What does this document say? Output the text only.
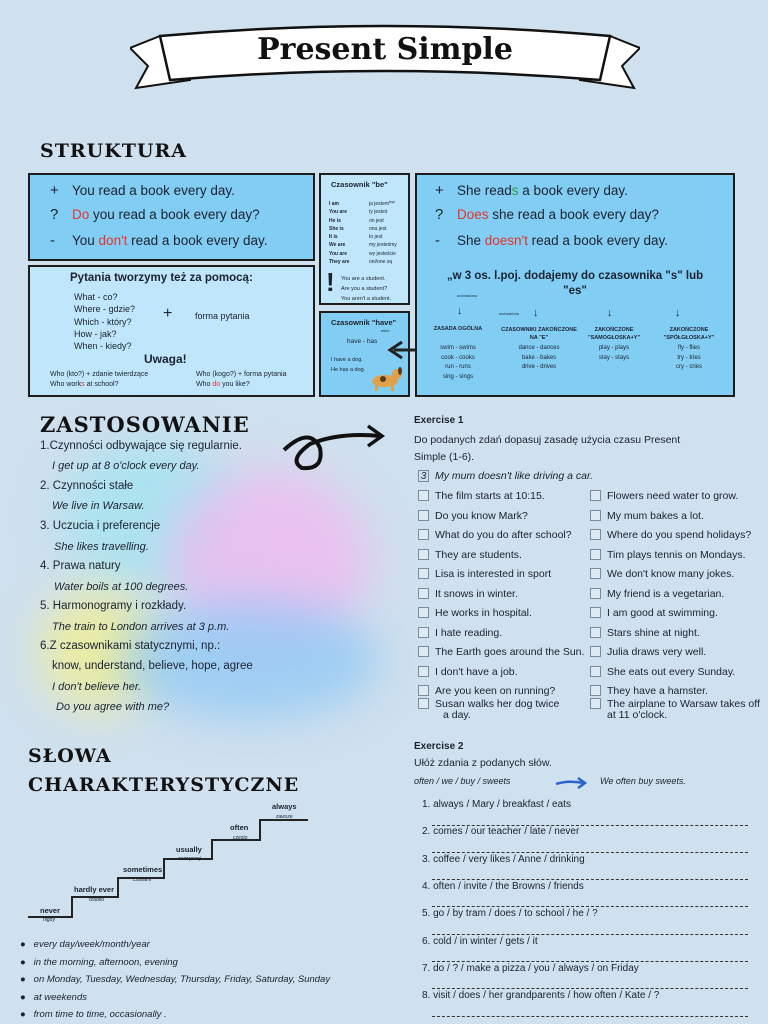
Present Simple
STRUKTURA
+ You read a book every day.
? Do you read a book every day?
- You don't read a book every day.
Pytania tworzymy też za pomocą:
What - co?
Where - gdzie?
Which - który?
How - jak?
When - kiedy?
+	forma pytania
Uwaga!
Who (kto?) + zdanie twierdzące
Who works at school?
Who (kogo?) + forma pytania
Who do you like?
Czasownik "be"
być
I am	ja jestem
You are	ty jesteś
He is	on jest
She is	ona jest
It is	to jest
We are	my jesteśmy
You are	wy jesteście
They are	oni/one są
! You are a student.
Are you a student?
You aren't a student.
Czasownik "have"
mieć
have - has
I have a dog.
He has a dog.
+ She reads a book every day.
? Does she read a book every day?
- She doesn't read a book every day.
„w 3 os. l.poj. dodajemy do czasownika "s" lub "es"
on/ona/ono
on/ona/ono
↓	↓	↓	↓
ZASADA OGÓLNA
swim - swims
cook - cooks
run - runs
sing - sings
CZASOWNIKI ZAKOŃCZONE NA "E"
dance - dances
bake - bakes
drive - drives
ZAKOŃCZONE "SAMOGŁOSKA+Y"
play - plays
stay - stays
ZAKOŃCZONE "SPÓŁGŁOSKA+Y"
fly - flies
try - tries
cry - cries
ZASTOSOWANIE
1.Czynności odbywające się regularnie.
I get up at 8 o'clock every day.
2. Czynności stałe
We live in Warsaw.
3. Uczucia i preferencje
She likes travelling.
4. Prawa natury
Water boils at 100 degrees.
5. Harmonogramy i rozkłady.
The train to London arrives at 3 p.m.
6.Z czasownikami statycznymi, np.:
know, understand, believe, hope, agree
I don't believe her.
Do you agree with me?
SŁOWA
CHARAKTERYSTYCZNE
never
nigdy
hardly ever
rzadko
sometimes
czasami
usually
zazwyczaj
often
często
always
zawsze
●   every day/week/month/year
●   in the morning, afternoon, evening
●   on Monday, Tuesday, Wednesday, Thursday, Friday, Saturday, Sunday
●   at weekends
●   from time to time, occasionally .
Exercise 1
Do podanych zdań dopasuj zasadę użycia czasu Present
Simple (1-6).
3 My mum doesn't like driving a car.
The film starts at 10:15.
Do you know Mark?
What do you do after school?
They are students.
Lisa is interested in sport
It snows in winter.
He works in hospital.
I hate reading.
The Earth goes around the Sun.
I don't have a job.
Are you keen on running?
Susan walks her dog twice
a day.
Flowers need water to grow.
My mum bakes a lot.
Where do you spend holidays?
Tim plays tennis on Mondays.
We don't know many jokes.
My friend is a vegetarian.
I am good at swimming.
Stars shine at night.
Julia draws very well.
She eats out every Sunday.
They have a hamster.
The airplane to Warsaw takes off
at 11 o'clock.
Exercise 2
Ułóż zdania z podanych słów.
often / we / buy / sweets	We often buy sweets.
1. always / Mary / breakfast / eats
2. comes / our teacher / late / never
3. coffee / very likes / Anne / drinking
4. often / invite / the Browns / friends
5. go / by tram / does / to school / he / ?
6. cold / in winter / gets / it
7. do / ? / make a pizza / you / always / on Friday
8. visit / does / her grandparents / how often / Kate / ?
